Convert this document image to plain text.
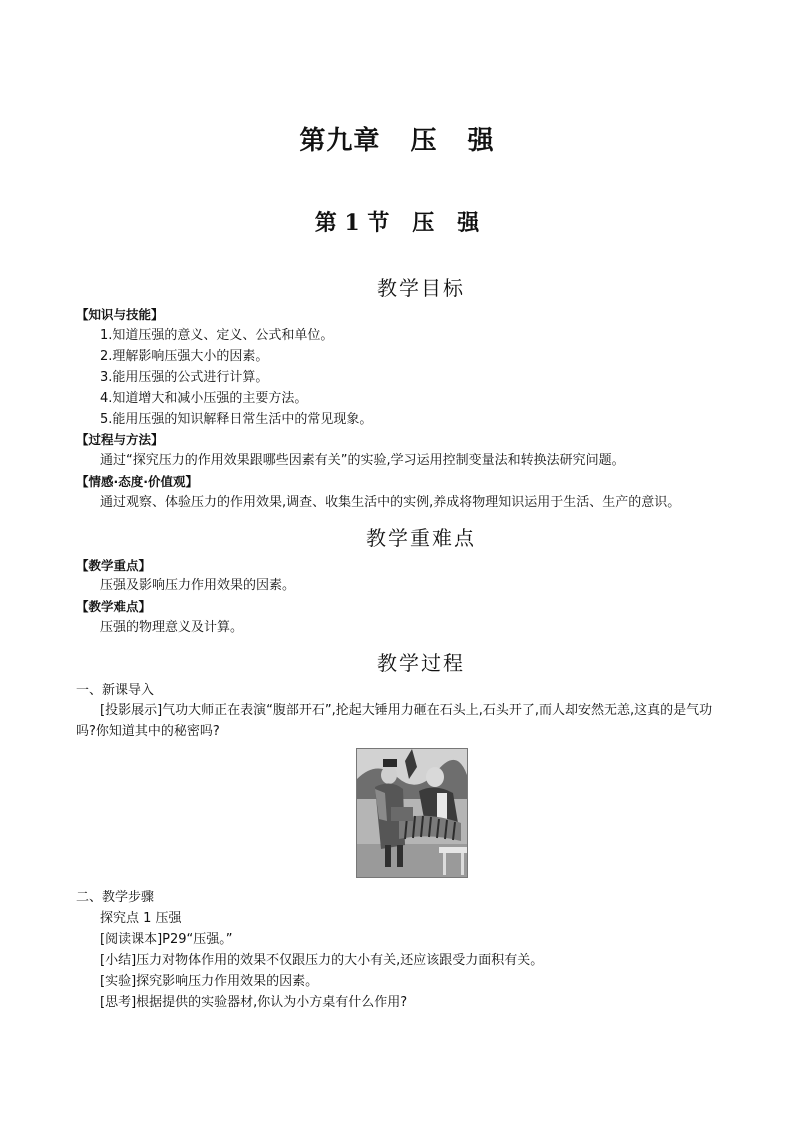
第九章   压   强
第 1 节   压   强
教学目标
【知识与技能】
1.知道压强的意义、定义、公式和单位。
2.理解影响压强大小的因素。
3.能用压强的公式进行计算。
4.知道增大和减小压强的主要方法。
5.能用压强的知识解释日常生活中的常见现象。
【过程与方法】
通过“探究压力的作用效果跟哪些因素有关”的实验,学习运用控制变量法和转换法研究问题。
【情感·态度·价值观】
通过观察、体验压力的作用效果,调查、收集生活中的实例,养成将物理知识运用于生活、生产的意识。
教学重难点
【教学重点】
压强及影响压力作用效果的因素。
【教学难点】
压强的物理意义及计算。
教学过程
一、新课导入
[投影展示]气功大师正在表演“腹部开石”,抡起大锤用力砸在石头上,石头开了,而人却安然无恙,这真的是气功吗?你知道其中的秘密吗?
二、教学步骤
探究点 1 压强
[阅读课本]P29“压强。”
[小结]压力对物体作用的效果不仅跟压力的大小有关,还应该跟受力面积有关。
[实验]探究影响压力作用效果的因素。
[思考]根据提供的实验器材,你认为小方桌有什么作用?
